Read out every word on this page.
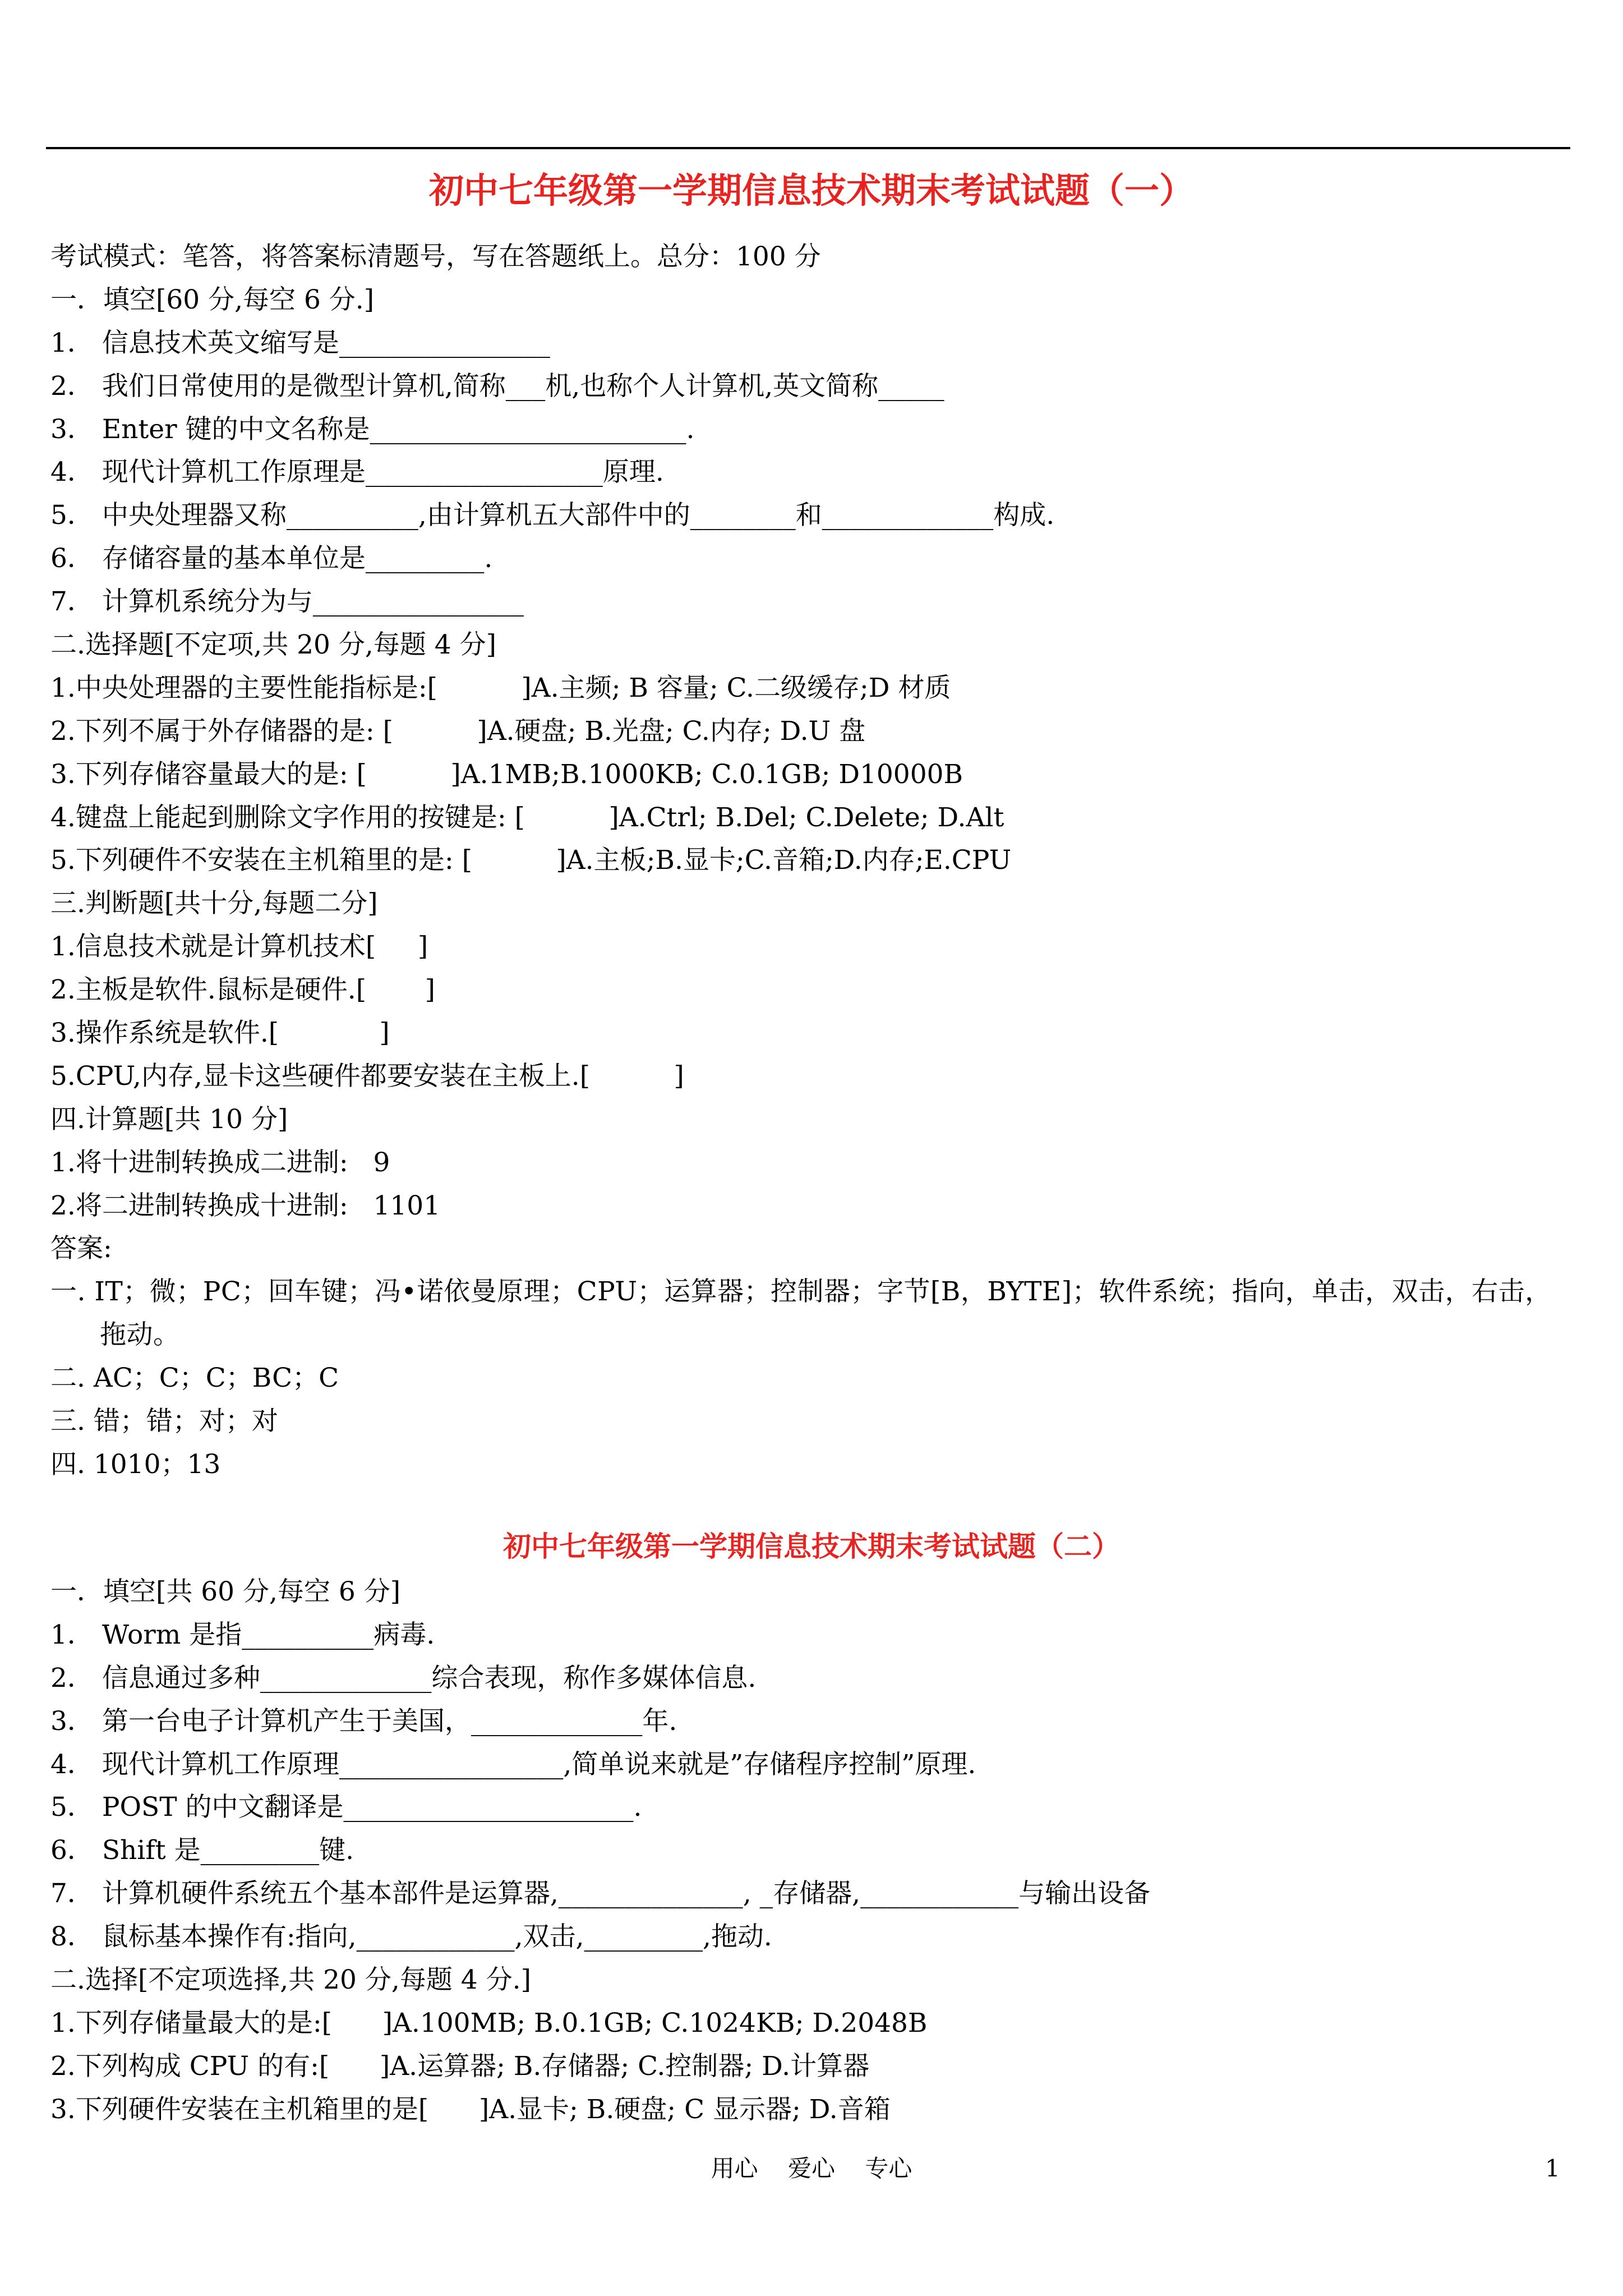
初中七年级第一学期信息技术期末考试试题（一）
考试模式：笔答，将答案标清题号，写在答题纸上。总分：100 分
一．填空[60 分,每空 6 分.]
1． 信息技术英文缩写是________________
2． 我们日常使用的是微型计算机,简称___机,也称个人计算机,英文简称_____
3． Enter 键的中文名称是________________________.
4． 现代计算机工作原理是__________________原理.
5． 中央处理器又称__________,由计算机五大部件中的________和_____________构成.
6． 存储容量的基本单位是_________.
7． 计算机系统分为与________________
二.选择题[不定项,共 20 分,每题 4 分]
1.中央处理器的主要性能指标是:[          ]A.主频; B 容量; C.二级缓存;D 材质
2.下列不属于外存储器的是: [          ]A.硬盘; B.光盘; C.内存; D.U 盘
3.下列存储容量最大的是: [          ]A.1MB;B.1000KB; C.0.1GB; D10000B
4.键盘上能起到删除文字作用的按键是: [          ]A.Ctrl; B.Del; C.Delete; D.Alt
5.下列硬件不安装在主机箱里的是: [          ]A.主板;B.显卡;C.音箱;D.内存;E.CPU
三.判断题[共十分,每题二分]
1.信息技术就是计算机技术[     ]
2.主板是软件.鼠标是硬件.[       ]
3.操作系统是软件.[            ]
5.CPU,内存,显卡这些硬件都要安装在主板上.[          ]
四.计算题[共 10 分]
1.将十进制转换成二进制:   9
2.将二进制转换成十进制:   1101
答案:
一. IT；微；PC；回车键；冯•诺依曼原理；CPU；运算器；控制器；字节[B，BYTE]；软件系统；指向，单击，双击，右击，拖动。
二. AC；C；C；BC；C
三. 错；错；对；对
四. 1010；13
初中七年级第一学期信息技术期末考试试题（二）
一．填空[共 60 分,每空 6 分]
1． Worm 是指__________病毒.
2． 信息通过多种_____________综合表现，称作多媒体信息.
3． 第一台电子计算机产生于美国，_____________年.
4． 现代计算机工作原理_________________,简单说来就是”存储程序控制”原理.
5． POST 的中文翻译是______________________.
6． Shift 是_________键.
7． 计算机硬件系统五个基本部件是运算器,______________, _存储器,____________与输出设备
8． 鼠标基本操作有:指向,____________,双击,_________,拖动.
二.选择[不定项选择,共 20 分,每题 4 分.]
1.下列存储量最大的是:[      ]A.100MB; B.0.1GB; C.1024KB; D.2048B
2.下列构成 CPU 的有:[      ]A.运算器; B.存储器; C.控制器; D.计算器
3.下列硬件安装在主机箱里的是[      ]A.显卡; B.硬盘; C 显示器; D.音箱
用心    爱心    专心	1
